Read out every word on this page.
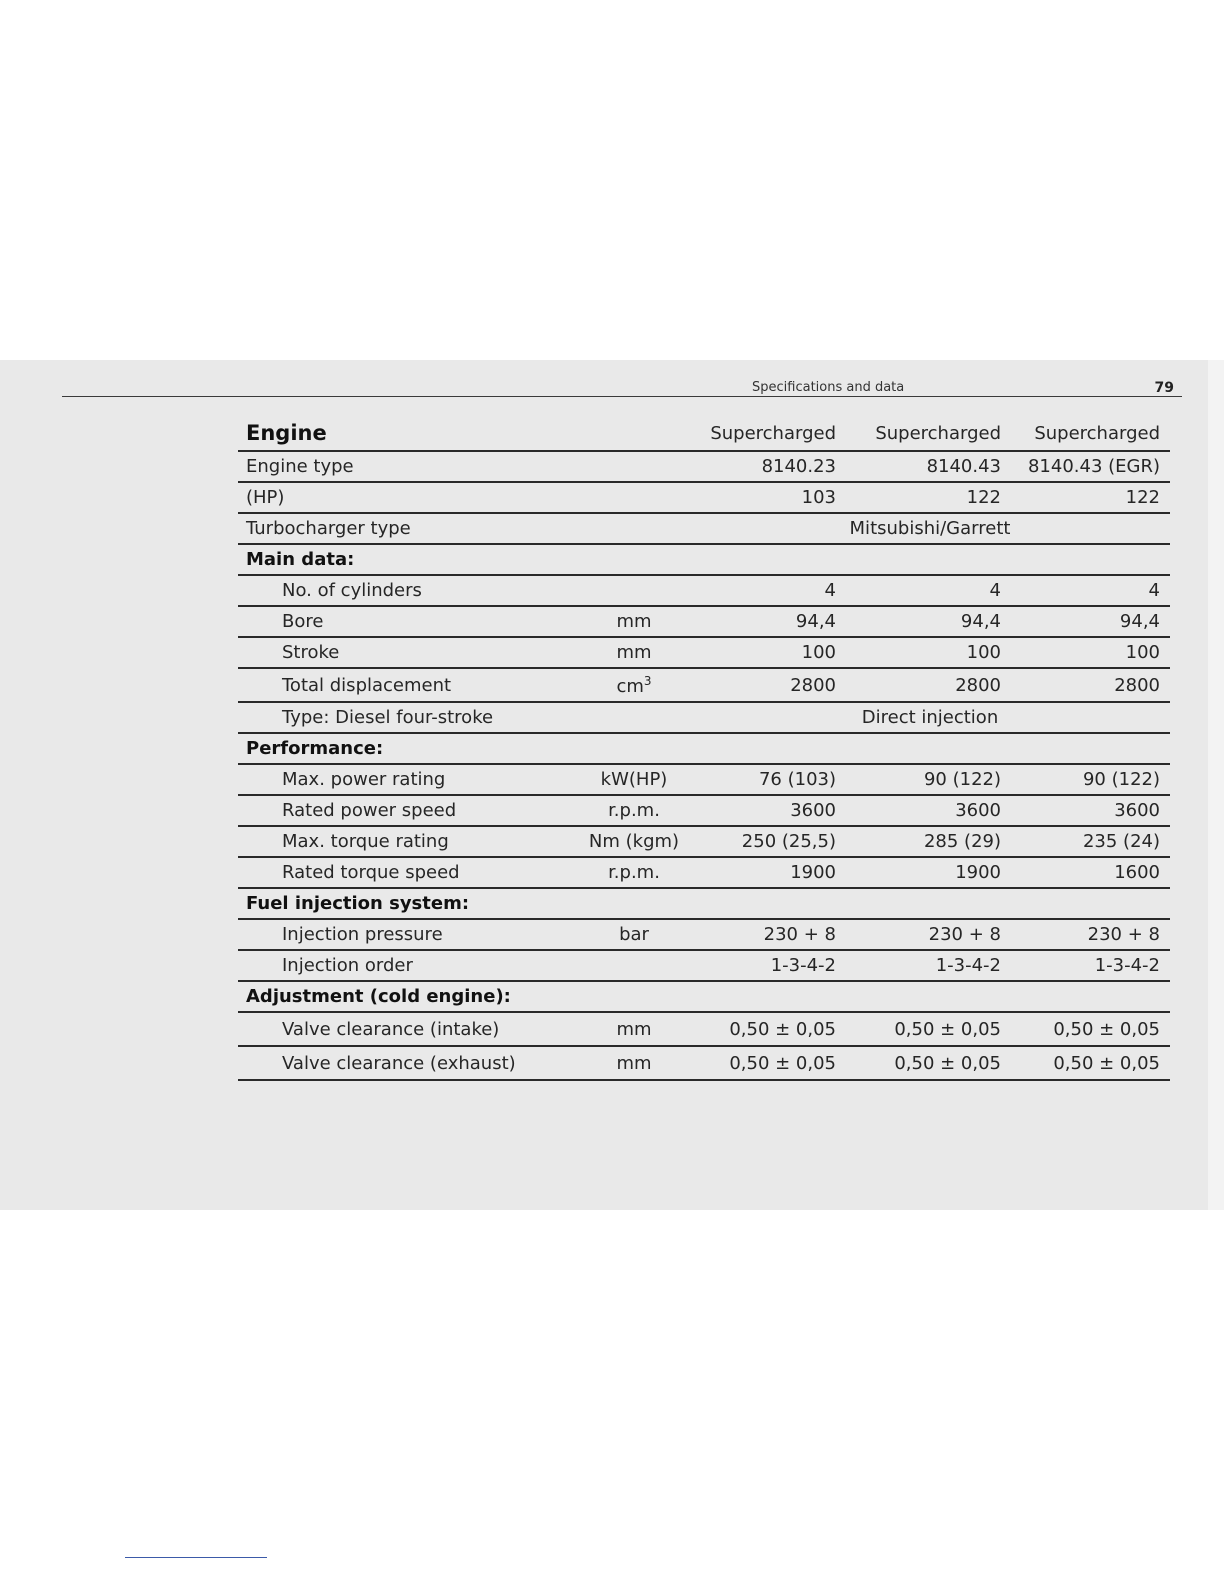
Specifications and data	79
Engine		Supercharged	Supercharged	Supercharged
Engine type		8140.23	8140.43	8140.43 (EGR)
(HP)		103	122	122
Turbocharger type		Mitsubishi/Garrett		
Main data:				
No. of cylinders		4	4	4
Bore	mm	94,4	94,4	94,4
Stroke	mm	100	100	100
Total displacement	$cm^3$	2800	2800	2800
Type: Diesel four-stroke		Direct injection		
Performance:				
Max. power rating	kW(HP)	76 (103)	90 (122)	90 (122)
Rated power speed	r.p.m.	3600	3600	3600
Max. torque rating	Nm (kgm)	250 (25,5)	285 (29)	235 (24)
Rated torque speed	r.p.m.	1900	1900	1600
Fuel injection system:				
Injection pressure	bar	230 + 8	230 + 8	230 + 8
Injection order		1-3-4-2	1-3-4-2	1-3-4-2
Adjustment (cold engine):				
Valve clearance (intake)	mm	0,50 ± 0,05	0,50 ± 0,05	0,50 ± 0,05
Valve clearance (exhaust)	mm	0,50 ± 0,05	0,50 ± 0,05	0,50 ± 0,05
